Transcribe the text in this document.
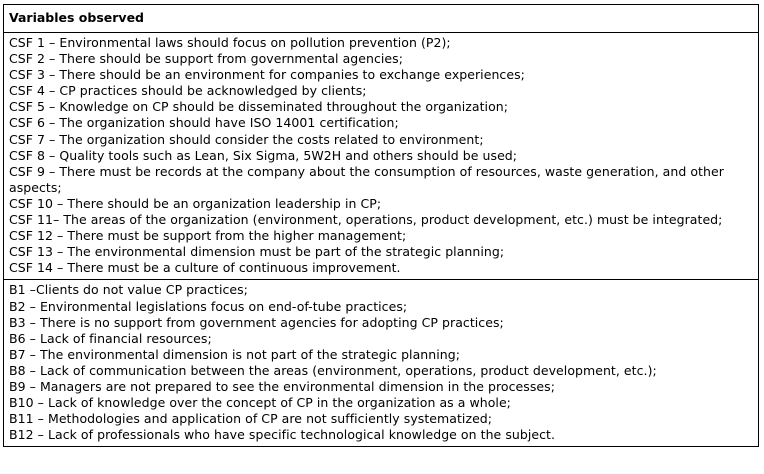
Variables observed
CSF 1 – Environmental laws should focus on pollution prevention (P2);
CSF 2 – There should be support from governmental agencies;
CSF 3 – There should be an environment for companies to exchange experiences;
CSF 4 – CP practices should be acknowledged by clients;
CSF 5 – Knowledge on CP should be disseminated throughout the organization;
CSF 6 – The organization should have ISO 14001 certification;
CSF 7 – The organization should consider the costs related to environment;
CSF 8 – Quality tools such as Lean, Six Sigma, 5W2H and others should be used;
CSF 9 – There must be records at the company about the consumption of resources, waste generation, and other aspects;
CSF 10 – There should be an organization leadership in CP;
CSF 11– The areas of the organization (environment, operations, product development, etc.) must be integrated;
CSF 12 – There must be support from the higher management;
CSF 13 – The environmental dimension must be part of the strategic planning;
CSF 14 – There must be a culture of continuous improvement.
B1 –Clients do not value CP practices;
B2 – Environmental legislations focus on end-of-tube practices;
B3 – There is no support from government agencies for adopting CP practices;
B6 – Lack of financial resources;
B7 – The environmental dimension is not part of the strategic planning;
B8 – Lack of communication between the areas (environment, operations, product development, etc.);
B9 – Managers are not prepared to see the environmental dimension in the processes;
B10 – Lack of knowledge over the concept of CP in the organization as a whole;
B11 – Methodologies and application of CP are not sufficiently systematized;
B12 – Lack of professionals who have specific technological knowledge on the subject.
